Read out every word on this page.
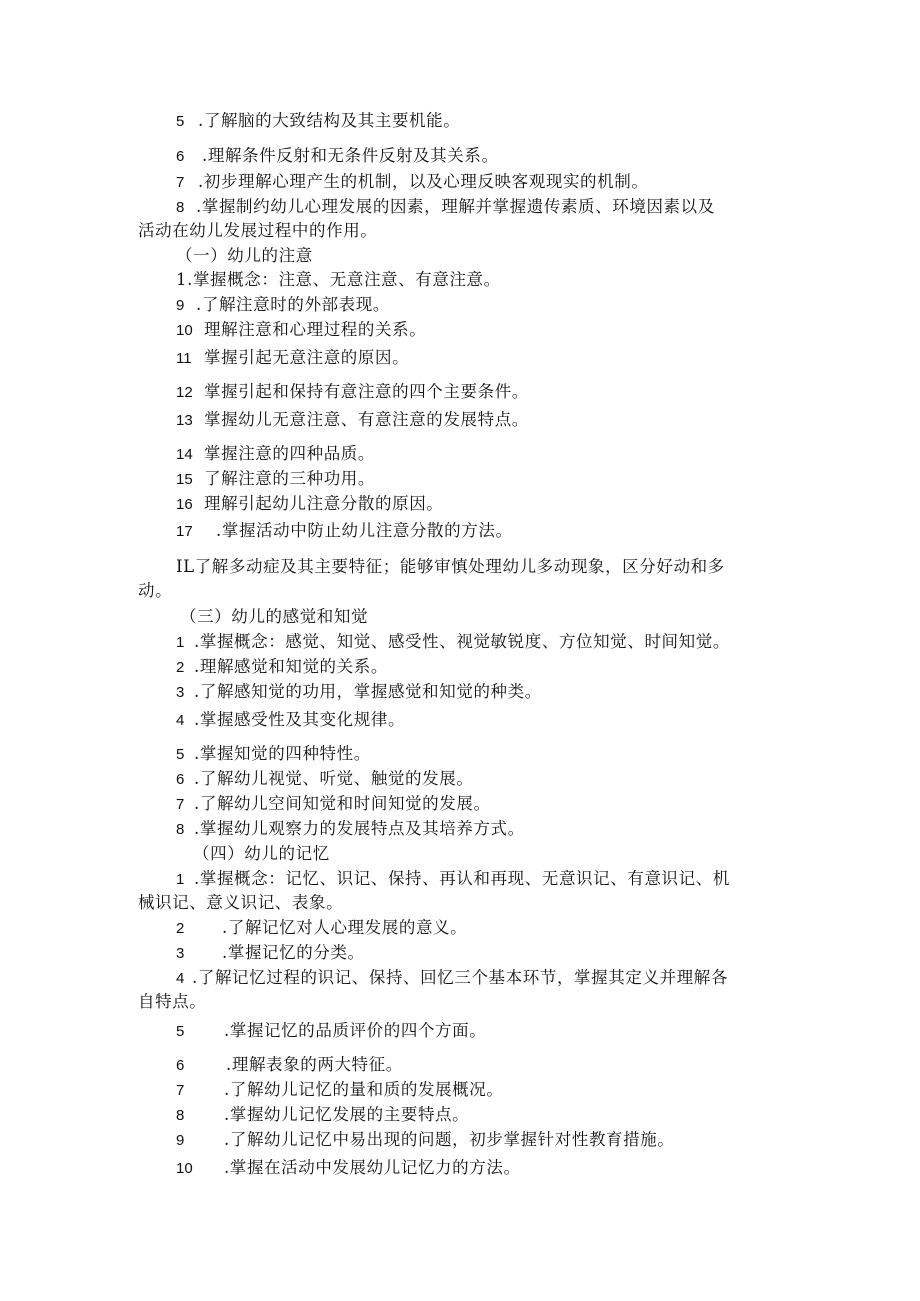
5 .了解脑的大致结构及其主要机能。
6 .理解条件反射和无条件反射及其关系。
7 .初步理解心理产生的机制，以及心理反映客观现实的机制。
8 .掌握制约幼儿心理发展的因素，理解并掌握遗传素质、环境因素以及
活动在幼儿发展过程中的作用。
（一）幼儿的注意
1.掌握概念：注意、无意注意、有意注意。
9 .了解注意时的外部表现。
10 理解注意和心理过程的关系。
11 掌握引起无意注意的原因。
12 掌握引起和保持有意注意的四个主要条件。
13 掌握幼儿无意注意、有意注意的发展特点。
14 掌握注意的四种品质。
15 了解注意的三种功用。
16 理解引起幼儿注意分散的原因。
17 .掌握活动中防止幼儿注意分散的方法。
IL了解多动症及其主要特征；能够审慎处理幼儿多动现象，区分好动和多
动。
（三）幼儿的感觉和知觉
1 .掌握概念：感觉、知觉、感受性、视觉敏锐度、方位知觉、时间知觉。
2 .理解感觉和知觉的关系。
3 .了解感知觉的功用，掌握感觉和知觉的种类。
4 .掌握感受性及其变化规律。
5 .掌握知觉的四种特性。
6 .了解幼儿视觉、听觉、触觉的发展。
7 .了解幼儿空间知觉和时间知觉的发展。
8 .掌握幼儿观察力的发展特点及其培养方式。
（四）幼儿的记忆
1 .掌握概念：记忆、识记、保持、再认和再现、无意识记、有意识记、机
械识记、意义识记、表象。
2 .了解记忆对人心理发展的意义。
3 .掌握记忆的分类。
4 .了解记忆过程的识记、保持、回忆三个基本环节，掌握其定义并理解各
自特点。
5 .掌握记忆的品质评价的四个方面。
6	.理解表象的两大特征。
7 .了解幼儿记忆的量和质的发展概况。
8 .掌握幼儿记忆发展的主要特点。
9 .了解幼儿记忆中易出现的问题，初步掌握针对性教育措施。
10 .掌握在活动中发展幼儿记忆力的方法。
